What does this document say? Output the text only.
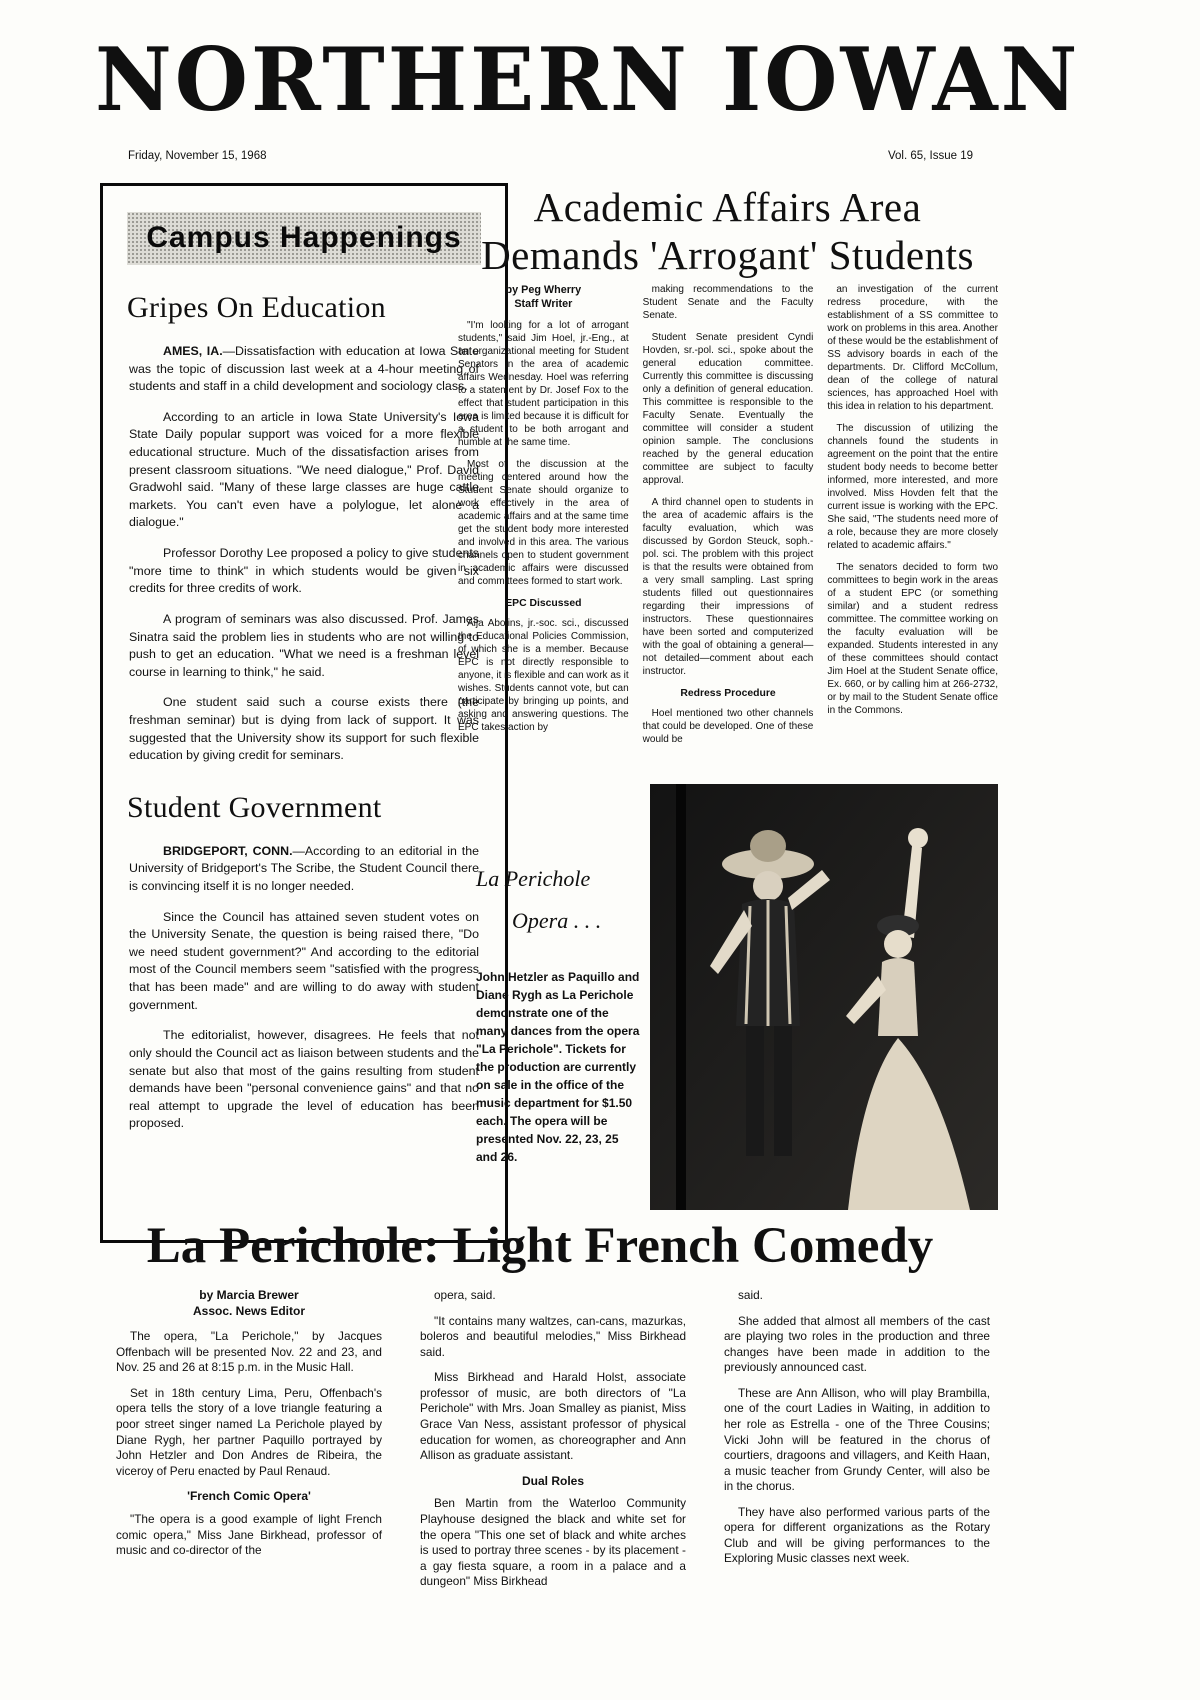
NORTHERN IOWAN
Friday, November 15, 1968	Vol. 65, Issue 19
Campus Happenings
Gripes On Education

AMES, IA.—Dissatisfaction with education at Iowa State was the topic of discussion last week at a 4-hour meeting of students and staff in a child development and sociology class.

According to an article in Iowa State University's Iowa State Daily popular support was voiced for a more flexible educational structure. Much of the dissatisfaction arises from present classroom situations. "We need dialogue," Prof. David Gradwohl said. "Many of these large classes are huge cattle markets. You can't even have a polylogue, let alone a dialogue."

Professor Dorothy Lee proposed a policy to give students "more time to think" in which students would be given six credits for three credits of work.

A program of seminars was also discussed. Prof. James Sinatra said the problem lies in students who are not willing to push to get an education. "What we need is a freshman level course in learning to think," he said.

One student said such a course exists there (the freshman seminar) but is dying from lack of support. It was suggested that the University show its support for such flexible education by giving credit for seminars.

Student Government

BRIDGEPORT, CONN.—According to an editorial in the University of Bridgeport's The Scribe, the Student Council there is convincing itself it is no longer needed.

Since the Council has attained seven student votes on the University Senate, the question is being raised there, "Do we need student government?" And according to the editorial most of the Council members seem "satisfied with the progress that has been made" and are willing to do away with student government.

The editorialist, however, disagrees. He feels that not only should the Council act as liaison between students and the senate but also that most of the gains resulting from student demands have been "personal convenience gains" and that no real attempt to upgrade the level of education has been proposed.

Academic Affairs Area
Demands 'Arrogant' Students
by Peg Wherry
Staff Writer

"I'm looking for a lot of arrogant students," said Jim Hoel, jr.-Eng., at an organizational meeting for Student Senators in the area of academic affairs Wednesday. Hoel was referring to a statement by Dr. Josef Fox to the effect that student participation in this area is limited because it is difficult for a student to be both arrogant and humble at the same time.

Most of the discussion at the meeting centered around how the Student Senate should organize to work effectively in the area of academic affairs and at the same time get the student body more interested and involved in this area. The various channels open to student government in academic affairs were discussed and committees formed to start work.

EPC Discussed

Aija Abolins, jr.-soc. sci., discussed the Educational Policies Commission, of which she is a member. Because EPC is not directly responsible to anyone, it is flexible and can work as it wishes. Students cannot vote, but can participate by bringing up points, and asking and answering questions. The EPC takes action by

making recommendations to the Student Senate and the Faculty Senate.

Student Senate president Cyndi Hovden, sr.-pol. sci., spoke about the general education committee. Currently this committee is discussing only a definition of general education. This committee is responsible to the Faculty Senate. Eventually the committee will consider a student opinion sample. The conclusions reached by the general education committee are subject to faculty approval.

A third channel open to students in the area of academic affairs is the faculty evaluation, which was discussed by Gordon Steuck, soph.-pol. sci. The problem with this project is that the results were obtained from a very small sampling. Last spring students filled out questionnaires regarding their impressions of instructors. These questionnaires have been sorted and computerized with the goal of obtaining a general—not detailed—comment about each instructor.

Redress Procedure

Hoel mentioned two other channels that could be developed. One of these would be

an investigation of the current redress procedure, with the establishment of a SS committee to work on problems in this area. Another of these would be the establishment of SS advisory boards in each of the departments. Dr. Clifford McCollum, dean of the college of natural sciences, has approached Hoel with this idea in relation to his department.

The discussion of utilizing the channels found the students in agreement on the point that the entire student body needs to become better informed, more interested, and more involved. Miss Hovden felt that the current issue is working with the EPC. She said, "The students need more of a role, because they are more closely related to academic affairs."

The senators decided to form two committees to begin work in the areas of a student EPC (or something similar) and a student redress committee. The committee working on the faculty evaluation will be expanded. Students interested in any of these committees should contact Jim Hoel at the Student Senate office, Ex. 660, or by calling him at 266-2732, or by mail to the Student Senate office in the Commons.

La Perichole
Opera . . .

John Hetzler as Paquillo and Diane Rygh as La Perichole demonstrate one of the many dances from the opera "La Perichole". Tickets for the production are currently on sale in the office of the music department for $1.50 each. The opera will be presented Nov. 22, 23, 25 and 26.

La Perichole: Light French Comedy
by Marcia Brewer
Assoc. News Editor

The opera, "La Perichole," by Jacques Offenbach will be presented Nov. 22 and 23, and Nov. 25 and 26 at 8:15 p.m. in the Music Hall.

Set in 18th century Lima, Peru, Offenbach's opera tells the story of a love triangle featuring a poor street singer named La Perichole played by Diane Rygh, her partner Paquillo portrayed by John Hetzler and Don Andres de Ribeira, the viceroy of Peru enacted by Paul Renaud.

'French Comic Opera'

"The opera is a good example of light French comic opera," Miss Jane Birkhead, professor of music and co-director of the

opera, said.

"It contains many waltzes, can-cans, mazurkas, boleros and beautiful melodies," Miss Birkhead said.

Miss Birkhead and Harald Holst, associate professor of music, are both directors of "La Perichole" with Mrs. Joan Smalley as pianist, Miss Grace Van Ness, assistant professor of physical education for women, as choreographer and Ann Allison as graduate assistant.

Dual Roles

Ben Martin from the Waterloo Community Playhouse designed the black and white set for the opera "This one set of black and white arches is used to portray three scenes - by its placement - a gay fiesta square, a room in a palace and a dungeon" Miss Birkhead

said.

She added that almost all members of the cast are playing two roles in the production and three changes have been made in addition to the previously announced cast.

These are Ann Allison, who will play Brambilla, one of the court Ladies in Waiting, in addition to her role as Estrella - one of the Three Cousins; Vicki John will be featured in the chorus of courtiers, dragoons and villagers, and Keith Haan, a music teacher from Grundy Center, will also be in the chorus.

They have also performed various parts of the opera for different organizations as the Rotary Club and will be giving performances to the Exploring Music classes next week.
